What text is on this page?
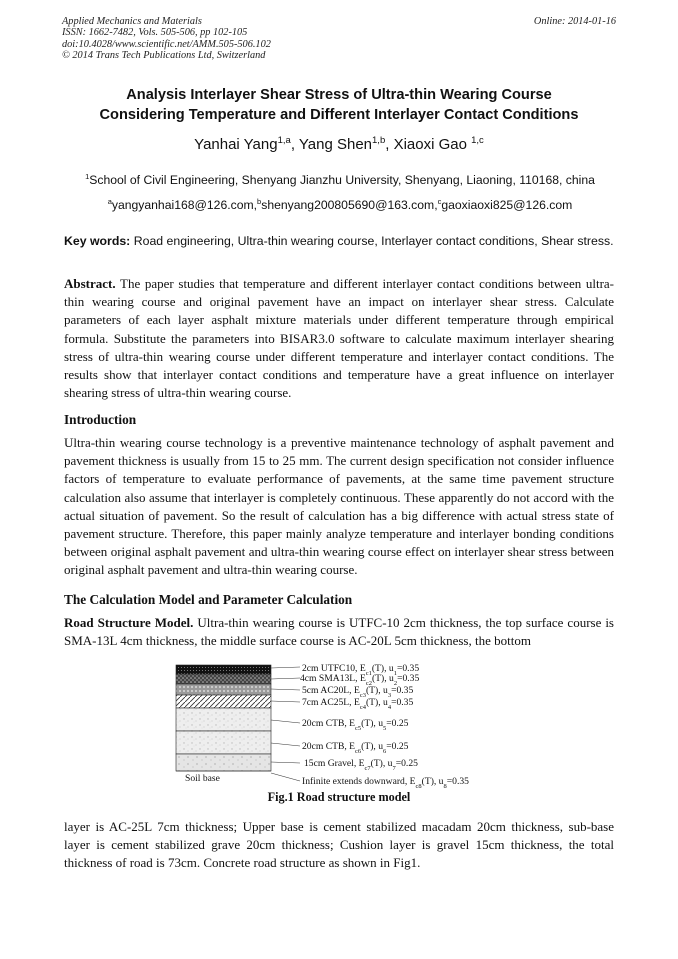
Applied Mechanics and Materials
ISSN: 1662-7482, Vols. 505-506, pp 102-105
doi:10.4028/www.scientific.net/AMM.505-506.102
© 2014 Trans Tech Publications Ltd, Switzerland
Online: 2014-01-16
Analysis Interlayer Shear Stress of Ultra-thin Wearing Course
Considering Temperature and Different Interlayer Contact Conditions
Yanhai Yang$^{1,a}$, Yang Shen$^{1,b}$, Xiaoxi Gao $^{1,c}$
$^1$School of Civil Engineering, Shenyang Jianzhu University, Shenyang, Liaoning, 110168, china
$^a$yangyanhai168@126.com,$^b$shenyang200805690@163.com,$^c$gaoxiaoxi825@126.com
Key words: Road engineering, Ultra-thin wearing course, Interlayer contact conditions, Shear stress.
Abstract. The paper studies that temperature and different interlayer contact conditions between ultra-thin wearing course and original pavement have an impact on interlayer shear stress. Calculate parameters of each layer asphalt mixture materials under different temperature through empirical formula. Substitute the parameters into BISAR3.0 software to calculate maximum interlayer shearing stress of ultra-thin wearing course under different temperature and interlayer contact conditions. The results show that interlayer contact conditions and temperature have a great influence on interlayer shearing stress of ultra-thin wearing course.
Introduction
Ultra-thin wearing course technology is a preventive maintenance technology of asphalt pavement and pavement thickness is usually from 15 to 25 mm. The current design specification not consider influence factors of temperature to evaluate performance of pavements, at the same time pavement structure calculation also assume that interlayer is completely continuous. These apparently do not accord with the actual situation of pavement. So the result of calculation has a big difference with actual stress state of pavement structure. Therefore, this paper mainly analyze temperature and interlayer bonding conditions between original asphalt pavement and ultra-thin wearing course effect on interlayer shear stress between original asphalt pavement and ultra-thin wearing course.
The Calculation Model and Parameter Calculation
Road Structure Model. Ultra-thin wearing course is UTFC-10 2cm thickness, the top surface course is SMA-13L 4cm thickness, the middle surface course is AC-20L 5cm thickness, the bottom
2cm UTFC10, $E_{c1}(T)$, $u_1=0.35$
4cm SMA13L, $E_{c2}(T)$, $u_2=0.35$
5cm AC20L, $E_{c3}(T)$, $u_3=0.35$
7cm AC25L, $E_{c4}(T)$, $u_4=0.35$
20cm CTB, $E_{c5}(T)$, $u_5=0.25$
20cm CTB, $E_{c6}(T)$, $u_6=0.25$
15cm Gravel, $E_{c7}(T)$, $u_7=0.25$
Infinite extends downward, $E_{c8}(T)$, $u_8=0.35$
Soil base
Fig.1 Road structure model
layer is AC-25L 7cm thickness; Upper base is cement stabilized macadam 20cm thickness, sub-base layer is cement stabilized grave 20cm thickness; Cushion layer is gravel 15cm thickness, the total thickness of road is 73cm. Concrete road structure as shown in Fig1.
